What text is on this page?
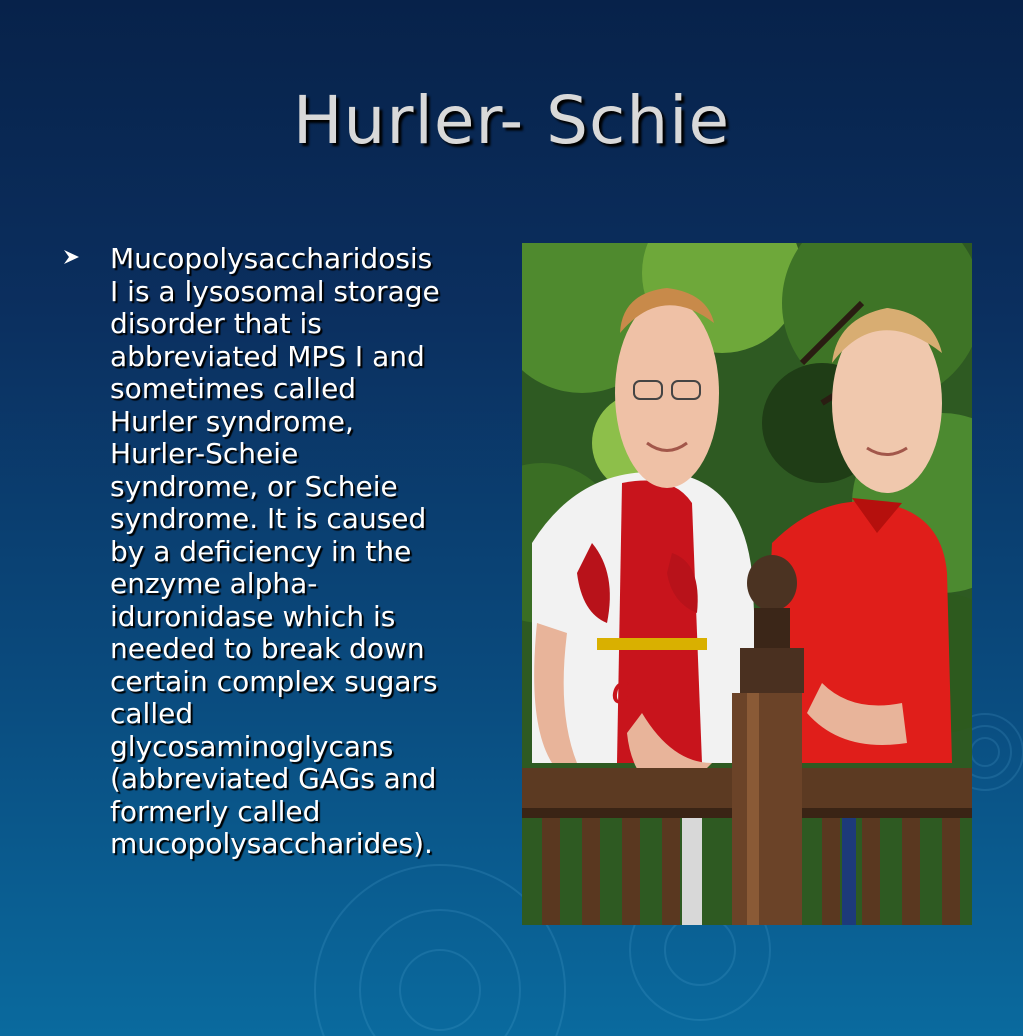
Hurler- Schie
Mucopolysaccharidosis
I is a lysosomal storage
disorder that is
abbreviated MPS I and
sometimes called
Hurler syndrome,
Hurler-Scheie
syndrome, or Scheie
syndrome. It is caused
by a deficiency in the
enzyme alpha-
iduronidase which is
needed to break down
certain complex sugars
called
glycosaminoglycans
(abbreviated GAGs and
formerly called
mucopolysaccharides).
dir
